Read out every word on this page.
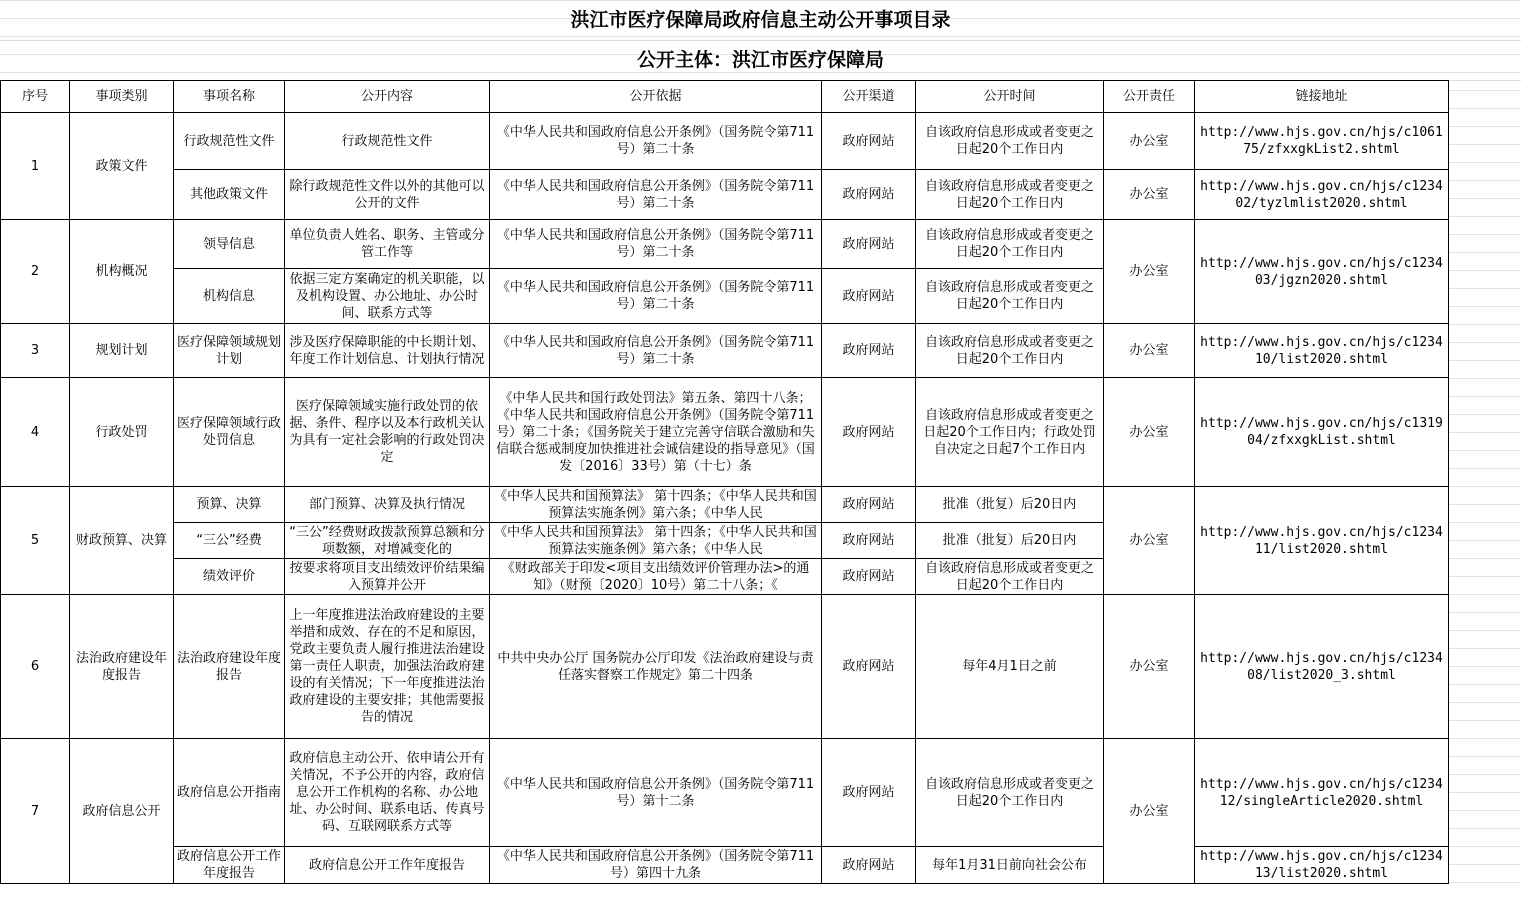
洪江市医疗保障局政府信息主动公开事项目录
公开主体：洪江市医疗保障局
序号	事项类别	事项名称	公开内容	公开依据	公开渠道	公开时间	公开责任	链接地址
1	政策文件	行政规范性文件	行政规范性文件	《中华人民共和国政府信息公开条例》（国务院令第711号）第二十条	政府网站	自该政府信息形成或者变更之日起20个工作日内	办公室	http://www.hjs.gov.cn/hjs/c106175/zfxxgkList2.shtml
		其他政策文件	除行政规范性文件以外的其他可以公开的文件	《中华人民共和国政府信息公开条例》（国务院令第711号）第二十条	政府网站	自该政府信息形成或者变更之日起20个工作日内	办公室	http://www.hjs.gov.cn/hjs/c123402/tyzlmlist2020.shtml
2	机构概况	领导信息	单位负责人姓名、职务、主管或分管工作等	《中华人民共和国政府信息公开条例》（国务院令第711号）第二十条	政府网站	自该政府信息形成或者变更之日起20个工作日内	办公室	http://www.hjs.gov.cn/hjs/c123403/jgzn2020.shtml
		机构信息	依据三定方案确定的机关职能，以及机构设置、办公地址、办公时间、联系方式等	《中华人民共和国政府信息公开条例》（国务院令第711号）第二十条	政府网站	自该政府信息形成或者变更之日起20个工作日内		
3	规划计划	医疗保障领域规划计划	涉及医疗保障职能的中长期计划、年度工作计划信息、计划执行情况	《中华人民共和国政府信息公开条例》（国务院令第711号）第二十条	政府网站	自该政府信息形成或者变更之日起20个工作日内	办公室	http://www.hjs.gov.cn/hjs/c123410/list2020.shtml
4	行政处罚	医疗保障领域行政处罚信息	医疗保障领域实施行政处罚的依据、条件、程序以及本行政机关认为具有一定社会影响的行政处罚决定	《中华人民共和国行政处罚法》第五条、第四十八条；《中华人民共和国政府信息公开条例》（国务院令第711号）第二十条；《国务院关于建立完善守信联合激励和失信联合惩戒制度加快推进社会诚信建设的指导意见》（国发〔2016〕33号）第（十七）条	政府网站	自该政府信息形成或者变更之日起20个工作日内；行政处罚自决定之日起7个工作日内	办公室	http://www.hjs.gov.cn/hjs/c131904/zfxxgkList.shtml
5	财政预算、决算	预算、决算	部门预算、决算及执行情况	《中华人民共和国预算法》 第十四条；《中华人民共和国预算法实施条例》第六条；《中华人民	政府网站	批准（批复）后20日内	办公室	http://www.hjs.gov.cn/hjs/c123411/list2020.shtml
		“三公”经费	“三公”经费财政拨款预算总额和分项数额，对增减变化的	《中华人民共和国预算法》 第十四条；《中华人民共和国预算法实施条例》第六条；《中华人民	政府网站	批准（批复）后20日内		
		绩效评价	按要求将项目支出绩效评价结果编入预算并公开	《财政部关于印发<项目支出绩效评价管理办法>的通知》（财预〔2020〕10号）第二十八条；《	政府网站	自该政府信息形成或者变更之日起20个工作日内		
6	法治政府建设年度报告	法治政府建设年度报告	上一年度推进法治政府建设的主要举措和成效、存在的不足和原因，党政主要负责人履行推进法治建设第一责任人职责，加强法治政府建设的有关情况；下一年度推进法治政府建设的主要安排；其他需要报告的情况	中共中央办公厅 国务院办公厅印发《法治政府建设与责任落实督察工作规定》第二十四条	政府网站	每年4月1日之前	办公室	http://www.hjs.gov.cn/hjs/c123408/list2020_3.shtml
7	政府信息公开	政府信息公开指南	政府信息主动公开、依申请公开有关情况，不予公开的内容，政府信息公开工作机构的名称、办公地址、办公时间、联系电话、传真号码、互联网联系方式等	《中华人民共和国政府信息公开条例》（国务院令第711号）第十二条	政府网站	自该政府信息形成或者变更之日起20个工作日内	办公室	http://www.hjs.gov.cn/hjs/c123412/singleArticle2020.shtml
		政府信息公开工作年度报告	政府信息公开工作年度报告	《中华人民共和国政府信息公开条例》（国务院令第711号）第四十九条	政府网站	每年1月31日前向社会公布		http://www.hjs.gov.cn/hjs/c123413/list2020.shtml
